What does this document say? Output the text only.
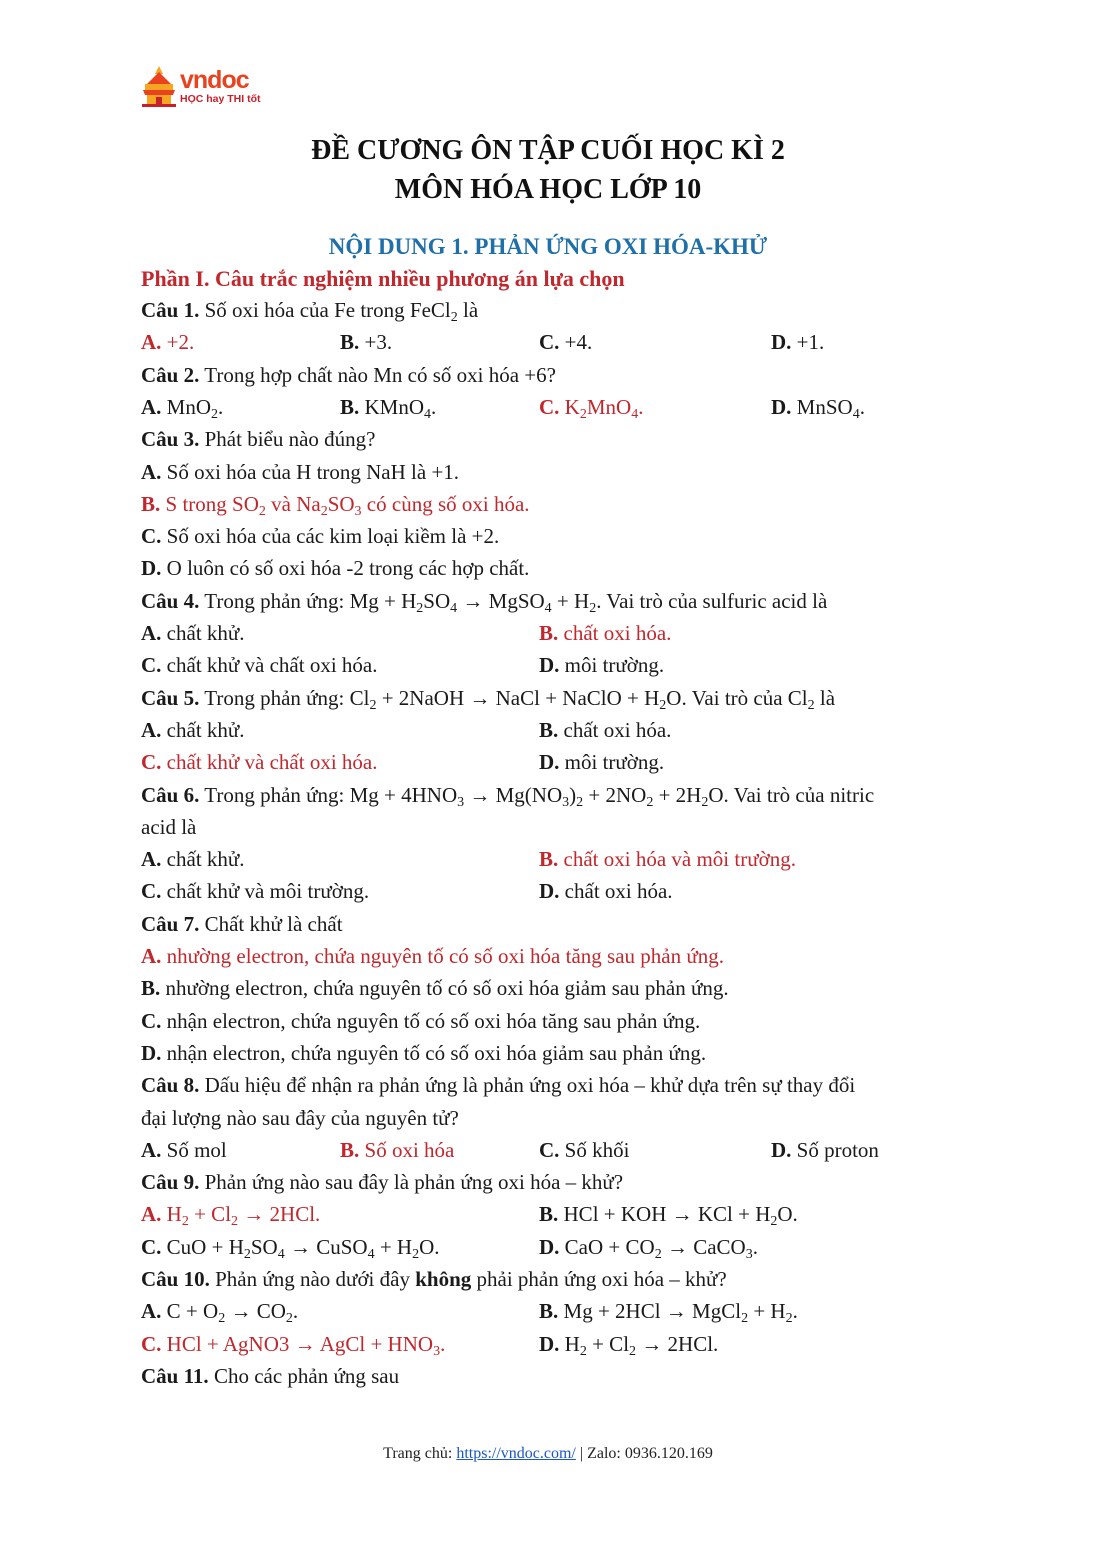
vndoc
HỌC hay THI tốt
ĐỀ CƯƠNG ÔN TẬP CUỐI HỌC KÌ 2
MÔN HÓA HỌC LỚP 10
NỘI DUNG 1. PHẢN ỨNG OXI HÓA-KHỬ
Phần I. Câu trắc nghiệm nhiều phương án lựa chọn
Câu 1. Số oxi hóa của Fe trong FeCl$_2$ là
A. +2.	B. +3.	C. +4.	D. +1.
Câu 2. Trong hợp chất nào Mn có số oxi hóa +6?
A. MnO$_2$.	B. KMnO$_4$.	C. $K_2MnO_4$.	D. MnSO$_4$.
Câu 3. Phát biểu nào đúng?
A. Số oxi hóa của H trong NaH là +1.
B. S trong $SO_2$ và $Na_2SO_3$ có cùng số oxi hóa.
C. Số oxi hóa của các kim loại kiềm là +2.
D. O luôn có số oxi hóa -2 trong các hợp chất.
Câu 4. Trong phản ứng: $Mg + H_2SO_4$ → MgSO$_4$ + $H_2$. Vai trò của sulfuric acid là
A. chất khử.	B. chất oxi hóa.
C. chất khử và chất oxi hóa.	D. môi trường.
Câu 5. Trong phản ứng: $Cl_2$ + 2NaOH → NaCl + NaClO + $H_2O$. Vai trò của $Cl_2$ là
A. chất khử.	B. chất oxi hóa.
C. chất khử và chất oxi hóa.	D. môi trường.
Câu 6. Trong phản ứng: $Mg + 4HNO_3 \to Mg(NO_3)_2 + 2NO_2 + 2H_2O$. Vai trò của nitric
acid là
A. chất khử.	B. chất oxi hóa và môi trường.
C. chất khử và môi trường.	D. chất oxi hóa.
Câu 7. Chất khử là chất
A. nhường electron, chứa nguyên tố có số oxi hóa tăng sau phản ứng.
B. nhường electron, chứa nguyên tố có số oxi hóa giảm sau phản ứng.
C. nhận electron, chứa nguyên tố có số oxi hóa tăng sau phản ứng.
D. nhận electron, chứa nguyên tố có số oxi hóa giảm sau phản ứng.
Câu 8. Dấu hiệu để nhận ra phản ứng là phản ứng oxi hóa – khử dựa trên sự thay đổi
đại lượng nào sau đây của nguyên tử?
A. Số mol	B. Số oxi hóa	C. Số khối	D. Số proton
Câu 9. Phản ứng nào sau đây là phản ứng oxi hóa – khử?
A. $H_2 + Cl_2 \to 2HCl$.	B. HCl + KOH → KCl + $H_2O$.
C. CuO + $H_2SO_4$ → CuSO$_4$ + $H_2O$.	D. CaO + $CO_2$ → CaCO$_3$.
Câu 10. Phản ứng nào dưới đây không phải phản ứng oxi hóa – khử?
A. $C + O_2 \to CO_2$.	B. Mg + 2HCl → MgCl$_2$ + $H_2$.
C. HCl + AgNO3 → AgCl + $HNO_3$.	D. $H_2 + Cl_2 \to 2HCl$.
Câu 11. Cho các phản ứng sau
Trang chủ: https://vndoc.com/ | Zalo: 0936.120.169
